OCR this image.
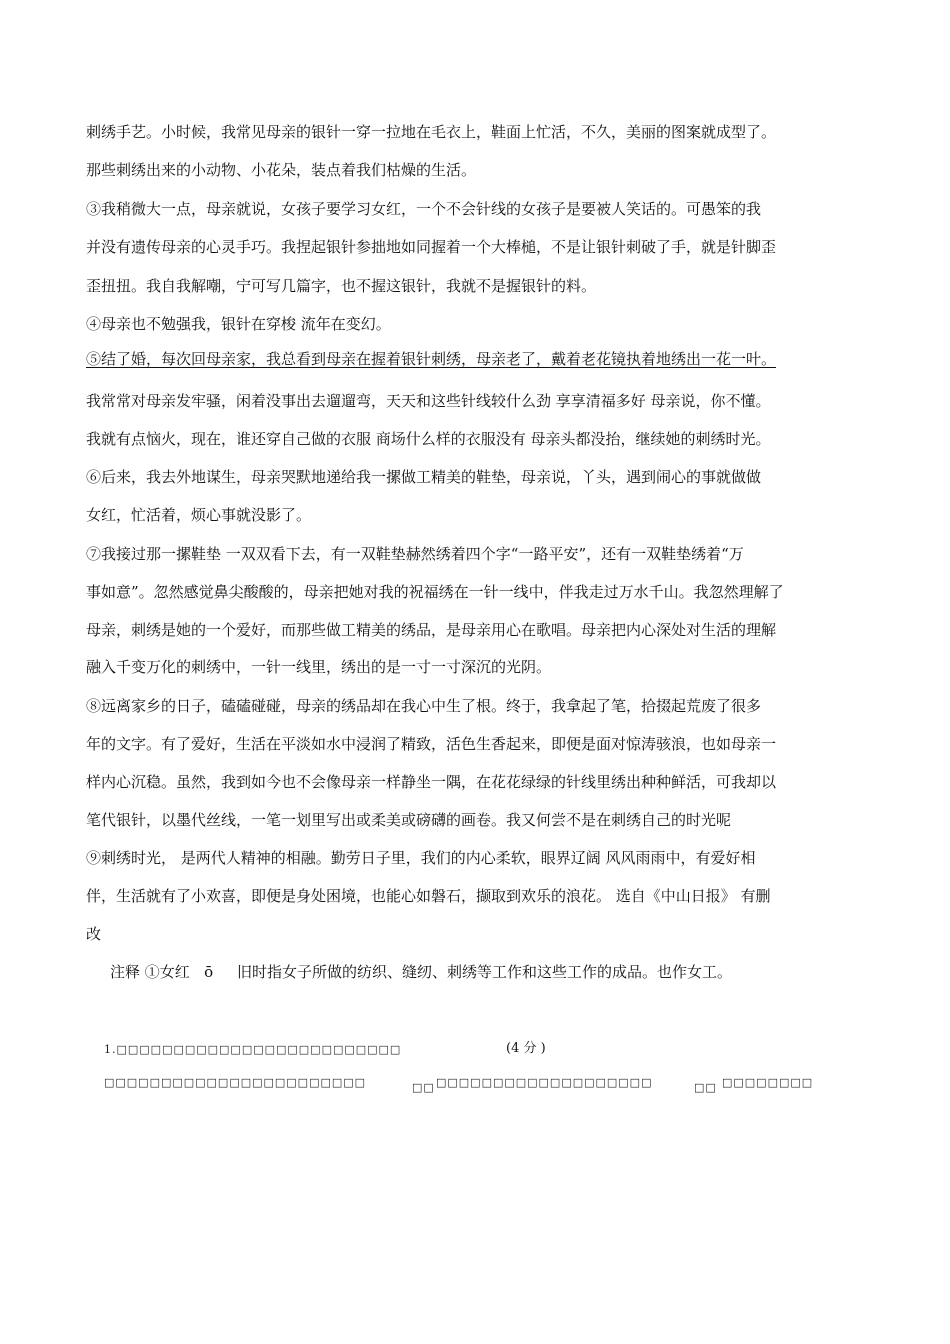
刺绣手艺。小时候，我常见母亲的银针一穿一拉地在毛衣上，鞋面上忙活，不久，美丽的图案就成型了。

那些刺绣出来的小动物、小花朵，装点着我们枯燥的生活。

③我稍微大一点，母亲就说，女孩子要学习女红，一个不会针线的女孩子是要被人笑话的。可愚笨的我

并没有遗传母亲的心灵手巧。我捏起银针参拙地如同握着一个大棒槌，不是让银针刺破了手，就是针脚歪

歪扭扭。我自我解嘲，宁可写几篇字，也不握这银针，我就不是握银针的料。

④母亲也不勉强我，银针在穿梭 流年在变幻。

⑤结了婚，每次回母亲家，我总看到母亲在握着银针刺绣，母亲老了，戴着老花镜执着地绣出一花一叶。

我常常对母亲发牢骚，闲着没事出去遛遛弯，天天和这些针线较什么劲 享享清福多好 母亲说，你不懂。

我就有点恼火，现在，谁还穿自己做的衣服 商场什么样的衣服没有 母亲头都没抬，继续她的刺绣时光。

⑥后来，我去外地谋生，母亲哭默地递给我一摞做工精美的鞋垫，母亲说，丫头，遇到闹心的事就做做

女红，忙活着，烦心事就没影了。

⑦我接过那一摞鞋垫 一双双看下去，有一双鞋垫赫然绣着四个字“一路平安”，还有一双鞋垫绣着“万

事如意”。忽然感觉鼻尖酸酸的，母亲把她对我的祝福绣在一针一线中，伴我走过万水千山。我忽然理解了

母亲，刺绣是她的一个爱好，而那些做工精美的绣品，是母亲用心在歌唱。母亲把内心深处对生活的理解

融入千变万化的刺绣中，一针一线里，绣出的是一寸一寸深沉的光阴。

⑧远离家乡的日子，磕磕碰碰，母亲的绣品却在我心中生了根。终于，我拿起了笔，拾掇起荒废了很多

年的文字。有了爱好，生活在平淡如水中浸润了精致，活色生香起来，即便是面对惊涛骇浪，也如母亲一

样内心沉稳。虽然，我到如今也不会像母亲一样静坐一隅，在花花绿绿的针线里绣出种种鲜活，可我却以

笔代银针，以墨代丝线，一笔一划里写出或柔美或磅礴的画卷。我又何尝不是在刺绣自己的时光呢

⑨刺绣时光， 是两代人精神的相融。勤劳日子里，我们的内心柔软，眼界辽阔 风风雨雨中，有爱好相

伴，生活就有了小欢喜，即便是身处困境，也能心如磐石，撷取到欢乐的浪花。 选自《中山日报》 有删

改

注释 ①女红   ō     旧时指女子所做的纺织、缝纫、刺绣等工作和这些工作的成品。也作女工。

1.□□□□□□□□□□□□□□□□□□□□□□□□□	(4 分 )

□□□□□□□□□□□□□□□□□□□□□□□	□□ □□□□□□□□□□□□□□□□□□□	□□ □□□□□□□□
